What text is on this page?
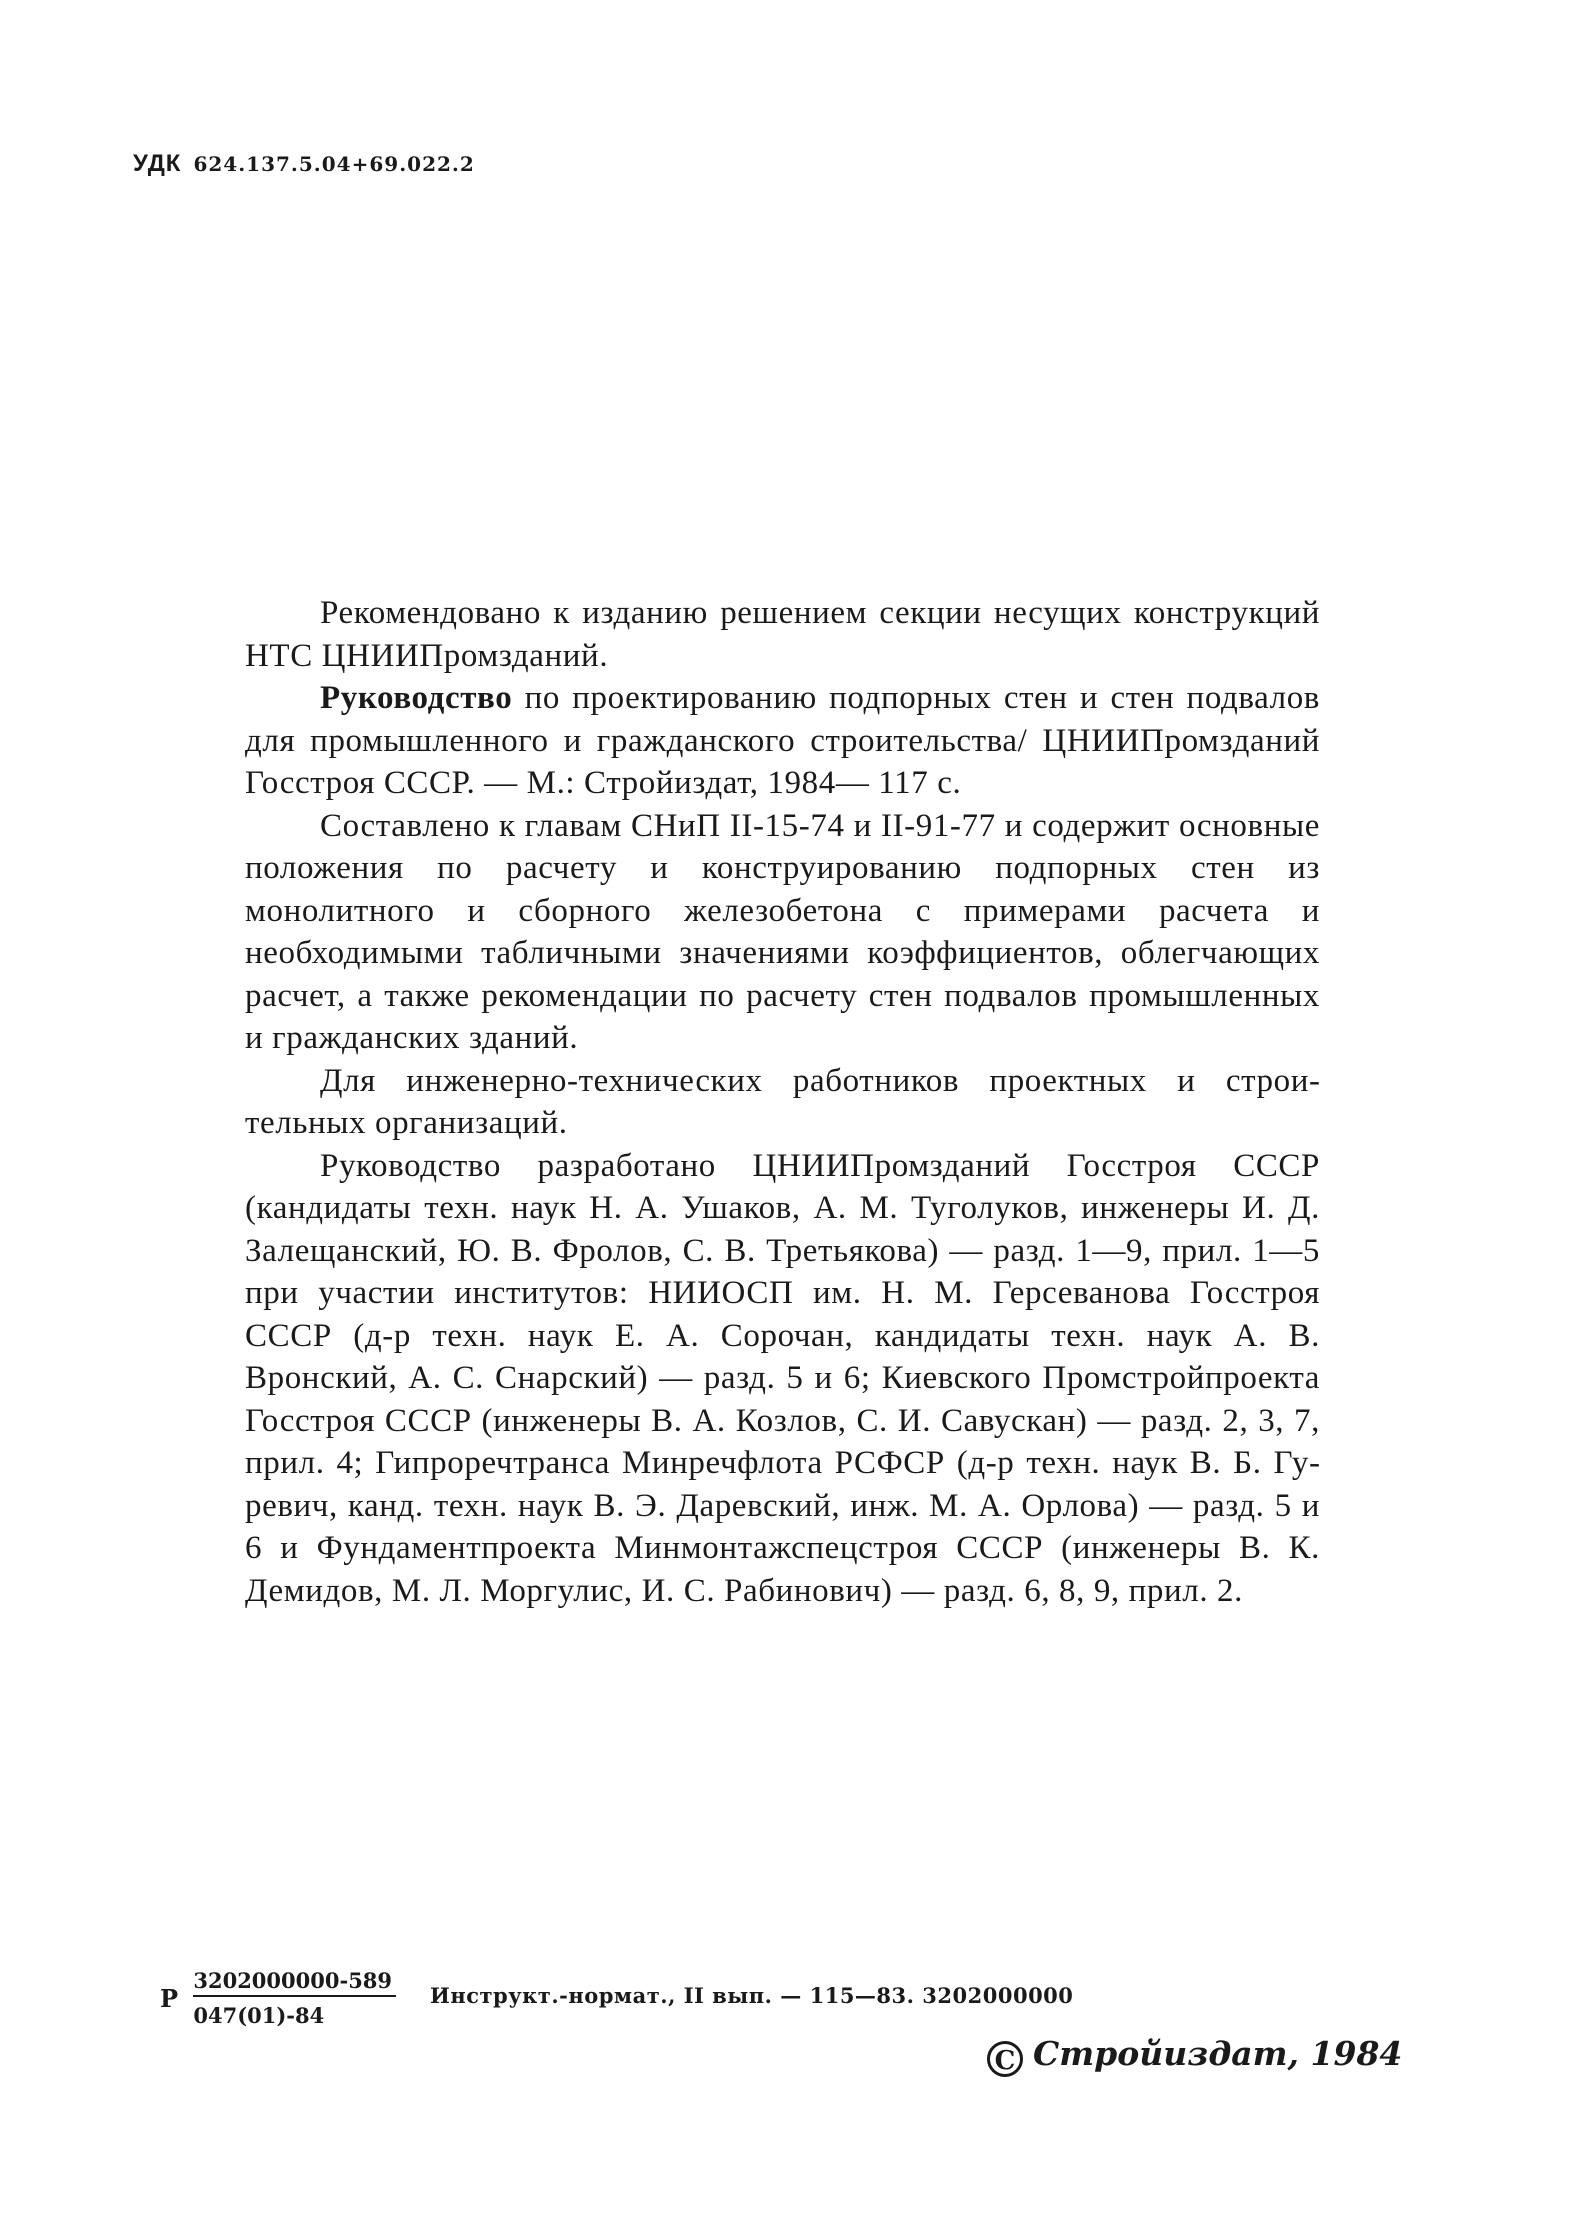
УДК 624.137.5.04+69.022.2

Рекомендовано к изданию решением секции несущих конструкций НТС ЦНИИПромзданий.

Руководство по проектированию подпорных стен и стен подвалов для промышленного и гражданского строительства/ ЦНИИПромзданий Госстроя СССР. — М.: Стройиздат, 1984— 117 с.

Составлено к главам СНиП II-15-74 и II-91-77 и содержит основные положения по расчету и конструированию подпорных стен из монолитного и сборного железобетона с примерами расчета и необходимыми табличными значениями коэффициентов, облегчающих расчет, а также рекомендации по расчету стен подвалов промышленных и гражданских зданий.

Для инженерно-технических работников проектных и строительных организаций.

Руководство разработано ЦНИИПромзданий Госстроя СССР (кандидаты техн. наук Н. А. Ушаков, А. М. Туголуков, инженеры И. Д. Залещанский, Ю. В. Фролов, С. В. Третьякова) — разд. 1—9, прил. 1—5 при участии институтов: НИИОСП им. Н. М. Герсеванова Госстроя СССР (д-р техн. наук Е. А. Сорочан, кандидаты техн. наук А. В. Вронский, А. С. Снарский) — разд. 5 и 6; Киевского Промстройпроекта Госстроя СССР (инженеры В. А. Козлов, С. И. Савускан) — разд. 2, 3, 7, прил. 4; Гипроречтранса Минречфлота РСФСР (д-р техн. наук В. Б. Гуревич, канд. техн. наук В. Э. Даревский, инж. М. А. Орлова) — разд. 5 и 6 и Фундаментпроекта Минмонтажспецстроя СССР (инженеры В. К. Демидов, М. Л. Моргулис, И. С. Рабинович) — разд. 6, 8, 9, прил. 2.

Р $\frac{3202000000-589}{047(01)-84}$ Инструкт.-нормат., II вып. — 115—83. 3202000000
С Стройиздат, 1984
